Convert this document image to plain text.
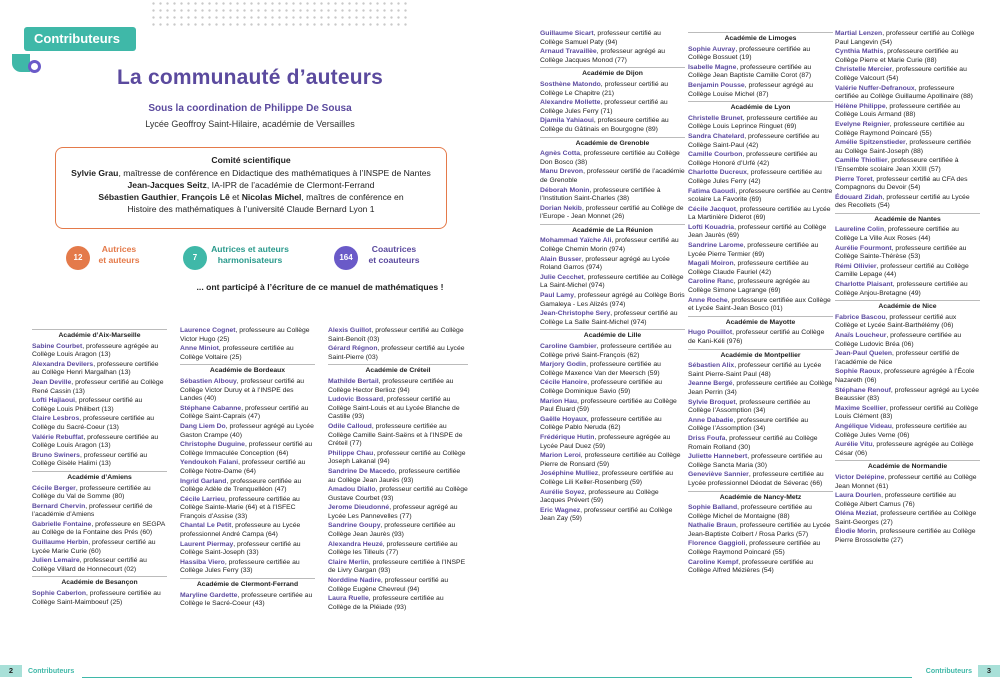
Contributeurs
La communauté d’auteurs
Sous la coordination de Philippe De Sousa
Lycée Geoffroy Saint-Hilaire, académie de Versailles
Comité scientifique
Sylvie Grau, maîtresse de conférence en Didactique des mathématiques à l’INSPE de Nantes
Jean-Jacques Seitz, IA-IPR de l’académie de Clermont-Ferrand
Sébastien Gauthier, François Lê et Nicolas Michel, maîtres de conférence en
Histoire des mathématiques à l’université Claude Bernard Lyon 1
... ont participé à l’écriture de ce manuel de mathématiques !
Académie d’Aix-Marseille

Sabine Courbet, professeure agrégée au Collège Louis Aragon (13)

Alexandra Devilers, professeure certifiée au Collège Henri Margalhan (13)

Jean Deville, professeur certifié au Collège René Cassin (13)

Lofti Hajlaoui, professeur certifié au Collège Louis Philibert (13)

Claire Lesbros, professeure certifiée au Collège du Sacré-Coeur (13)

Valérie Rebuffat, professeure certifiée au Collège Louis Aragon (13)

Bruno Swiners, professeur certifié au Collège Gisèle Halimi (13)

Académie d’Amiens

Cécile Berger, professeure certifiée au Collège du Val de Somme (80)

Bernard Chervin, professeur certifié de l’académie d’Amiens

Gabrielle Fontaine, professeure en SEGPA au Collège de la Fontaine des Prés (60)

Guillaume Herbin, professeur certifié au Lycée Marie Curie (60)

Julien Lemaire, professeur certifié au Collège Villard de Honnecourt (02)

Académie de Besançon

Sophie Caberlon, professeure certifiée au Collège Saint-Maimboeuf (25)

Laurence Cognet, professeure au Collège Victor Hugo (25)

Anne Miniot, professeure certifiée au Collège Voltaire (25)

Académie de Bordeaux

Sébastien Albouy, professeur certifié au Collège Victor Duruy et à l’INSPE des Landes (40)

Stéphane Cabanne, professeur certifié au Collège Saint-Caprais (47)

Dang Liem Do, professeur agrégé au Lycée Gaston Crampe (40)

Christophe Duguine, professeur certifié au Collège Immaculée Conception (64)

Yendoukoh Falani, professeur certifié au Collège Notre-Dame (64)

Ingrid Garland, professeure certifiée au Collège Adèle de Trenquelléon (47)

Cécile Larrieu, professeure certifiée au Collège Sainte-Marie (64) et à l’ISFEC François d’Assise (33)

Chantal Le Petit, professeure au Lycée professionnel André Campa (64)

Laurent Piermay, professeur certifié au Collège Saint-Joseph (33)

Hassiba Viero, professeure certifiée au Collège Jules Ferry (33)

Académie de Clermont-Ferrand

Maryline Gardette, professeure certifiée au Collège le Sacré-Coeur (43)

Alexis Guillot, professeur certifié au Collège Saint-Benoît (03)

Gérard Régnon, professeur certifié au Lycée Saint-Pierre (03)

Académie de Créteil

Mathilde Bertail, professeure certifiée au Collège Hector Berlioz (94)

Ludovic Bossard, professeur certifié au Collège Saint-Louis et au Lycée Blanche de Castille (93)

Odile Calloud, professeure certifiée au Collège Camille Saint-Saëns et à l’INSPE de Créteil (77)

Philippe Chau, professeur certifié au Collège Joseph Lakanal (94)

Sandrine De Macedo, professeure certifiée au Collège Jean Jaurès (93)

Amadou Diallo, professeur certifié au Collège Gustave Courbet (93)

Jerome Dieudonné, professeur agrégé au Lycée Les Pannevelles (77)

Sandrine Goupy, professeure certifiée au Collège Jean Jaurès (93)

Alexandra Heuzé, professeure certifiée au Collège les Tilleuls (77)

Claire Merlin, professeure certifiée à l’INSPE de Livry Gargan (93)

Norddine Nadire, professeur certifié au Collège Eugène Chevreul (94)

Laura Ruelle, professeure certifiée au Collège de la Pléiade (93)

2 Contributeurs
12
Autrices
et auteurs	7
Autrices et auteurs
harmonisateurs	164
Coautrices
et coauteurs

Guillaume Sicart, professeur certifié au Collège Samuel Paty (94)

Arnaud Travaillèe, professeur agrégé au Collège Jacques Monod (77)

Académie de Dijon

Sosthène Matondo, professeur certifié au Collège Le Chapitre (21)

Alexandre Mollette, professeur certifié au Collège Jules Ferry (71)

Djamila Yahiaoui, professeure certifiée au Collège du Gâtinais en Bourgogne (89)

Académie de Grenoble

Agnès Cotta, professeure certifiée au Collège Don Bosco (38)

Manu Drevon, professeur certifié de l’académie de Grenoble

Déborah Monin, professeure certifiée à l’Institution Saint-Charles (38)

Dorian Nekib, professeur certifié au Collège de l’Europe - Jean Monnet (26)

Académie de La Réunion

Mohammad Yaïche Ali, professeur certifié au Collège Chemin Morin (974)

Alain Busser, professeur agrégé au Lycée Roland Garros (974)

Julie Cecchet, professeure certifiée au Collège La Saint-Michel (974)

Paul Lamy, professeur agrégé au Collège Boris Gamaleya - Les Alizés (974)

Jean-Christophe Sery, professeur certifié au Collège La Salle Saint-Michel (974)

Académie de Lille

Caroline Gambier, professeure certifiée au Collège privé Saint-François (62)

Marjory Godin, professeure certifiée au Collège Maxence Van der Meersch (59)

Cécile Hanoire, professeure certifiée au Collège Dominique Savio (59)

Marion Hau, professeure certifiée au Collège Paul Éluard (59)

Gaëlle Hoyaux, professeure certifiée au Collège Pablo Neruda (62)

Frédérique Hutin, professeure agrégée au Lycée Paul Duez (59)

Marion Leroi, professeure certifiée au Collège Pierre de Ronsard (59)

Joséphine Mulliez, professeure certifiée au Collège Lili Keller-Rosenberg (59)

Aurélie Soyez, professeure au Collège Jacques Prévert (59)

Eric Wagnez, professeur certifié au Collège Jean Zay (59)

Académie de Limoges

Sophie Auvray, professeure certifiée au Collège Bossuet (19)

Isabelle Magne, professeure certifiée au Collège Jean Baptiste Camille Corot (87)

Benjamin Pousse, professeur agrégé au Collège Louise Michel (87)

Académie de Lyon

Christelle Brunet, professeure certifiée au Collège Louis Leprince Ringuet (69)

Sandra Chatelard, professeure certifiée au Collège Saint-Paul (42)

Camille Courbon, professeure certifiée au Collège Honoré d’Urfé (42)

Charlotte Ducreux, professeure certifiée au Collège Jules Ferry (42)

Fatima Gaoudi, professeure certifiée au Centre scolaire La Favorite (69)

Cécile Jacquot, professeure certifiée au Lycée La Martinière Diderot (69)

Lofti Kouadria, professeur certifié au Collège Jean Jaurès (69)

Sandrine Larome, professeure certifiée au Lycée Pierre Termier (69)

Magali Moiron, professeure certifiée au Collège Claude Fauriel (42)

Caroline Ranc, professeure agrégée au Collège Simone Lagrange (69)

Anne Roche, professeure certifiée aux Collège et Lycée Saint-Jean Bosco (01)

Académie de Mayotte

Hugo Pouillot, professeur certifié au Collège de Kani-Kéli (976)

Académie de Montpellier

Sébastien Alix, professeur certifié au Lycée Saint Pierre-Saint Paul (48)

Jeanne Bergé, professeure certifiée au Collège Jean Perrin (34)

Sylvie Broquet, professeure certifiée au Collège l’Assomption (34)

Anne Dabadie, professeure certifiée au Collège l’Assomption (34)

Driss Foufa, professeur certifié au Collège Romain Rolland (30)

Juliette Hannebert, professeure certifiée au Collège Sancta Maria (30)

Geneviève Sannier, professeure certifiée au Lycée professionnel Déodat de Séverac (66)

Académie de Nancy-Metz

Sophie Balland, professeure certifiée au Collège Michel de Montaigne (88)

Nathalie Braun, professeure certifiée au Lycée Jean-Baptiste Colbert / Rosa Parks (57)

Florence Gaggioli, professeure certifiée au Collège Raymond Poincaré (55)

Caroline Kempf, professeure certifiée au Collège Alfred Mézières (54)

Martial Lenzen, professeur certifié au Collège Paul Langevin (54)

Cynthia Mathis, professeure certifiée au Collège Pierre et Marie Curie (88)

Christelle Mercier, professeure certifiée au Collège Valcourt (54)

Valérie Nuffer-Defranoux, professeure certifiée au Collège Guillaume Apollinaire (88)

Hélène Philippe, professeure certifiée au Collège Louis Armand (88)

Evelyne Reignier, professeure certifiée au Collège Raymond Poincaré (55)

Amélie Spitzenstieder, professeure certifiée au Collège Saint-Joseph (88)

Camille Thiollier, professeure certifiée à l’Ensemble scolaire Jean XXIII (57)

Pierre Toret, professeur certifié au CFA des Compagnons du Devoir (54)

Édouard Zidah, professeur certifié au Lycée des Recollets (54)

Académie de Nantes

Laureline Colin, professeure certifiée au Collège La Ville Aux Roses (44)

Aurélie Fourmont, professeure certifiée au Collège Sainte-Thérèse (53)

Rémi Ollivier, professeur certifié au Collège Camille Lepage (44)

Charlotte Plaisant, professeure certifiée au Collège Anjou-Bretagne (49)

Académie de Nice

Fabrice Bascou, professeur certifié aux Collège et Lycée Saint-Barthélémy (06)

Anaïs Loucheur, professeure certifiée au Collège Ludovic Bréa (06)

Jean-Paul Quelen, professeur certifié de l’académie de Nice

Sophie Raoux, professeure agrégée à l’École Nazareth (06)

Stéphane Renouf, professeur agrégé au Lycée Beaussier (83)

Maxime Scellier, professeur certifié au Collège Louis Clément (83)

Angélique Videau, professeure certifiée au Collège Jules Verne (06)

Aurélie Vitu, professeure agrégée au Collège César (06)

Académie de Normandie

Victor Delépine, professeur certifié au Collège Jean Monnet (61)

Laura Dourlen, professeure certifiée au Collège Albert Camus (76)

Oléna Meziat, professeure certifiée au Collège Saint-Georges (27)

Élodie Morin, professeure certifiée au Collège Pierre Brossolette (27)

Contributeurs 3
